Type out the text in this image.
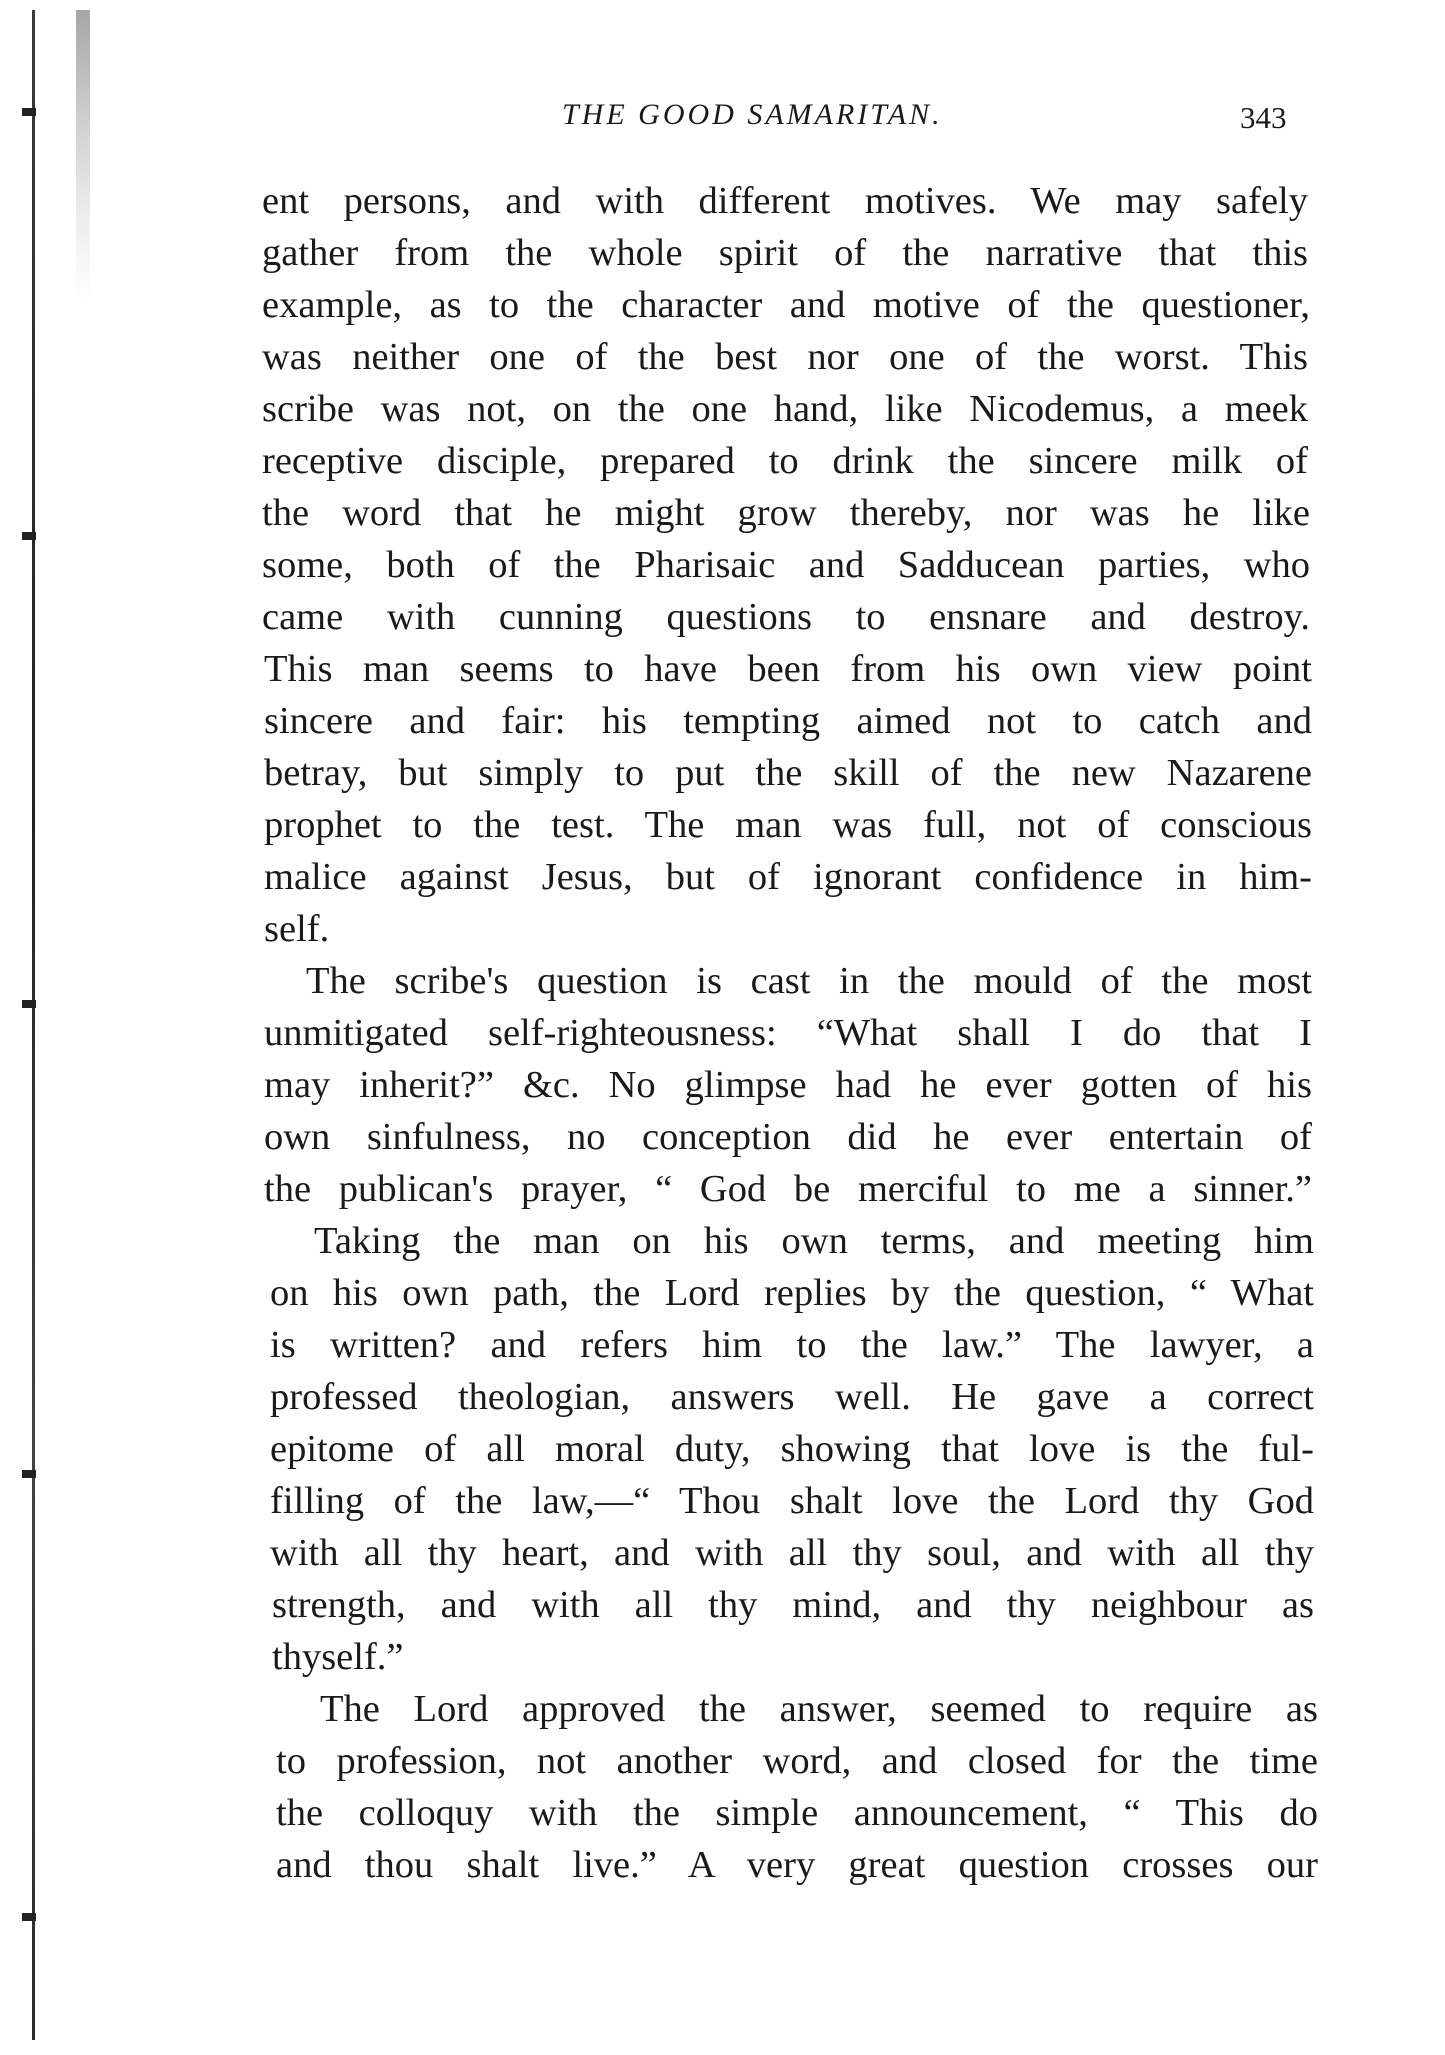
THE GOOD SAMARITAN.	343
ent persons, and with different motives. We may safely
gather from the whole spirit of the narrative that this
example, as to the character and motive of the questioner,
was neither one of the best nor one of the worst. This
scribe was not, on the one hand, like Nicodemus, a meek
receptive disciple, prepared to drink the sincere milk of
the word that he might grow thereby, nor was he like
some, both of the Pharisaic and Sadducean parties, who
came with cunning questions to ensnare and destroy.
This man seems to have been from his own view point
sincere and fair: his tempting aimed not to catch and
betray, but simply to put the skill of the new Nazarene
prophet to the test. The man was full, not of conscious
malice against Jesus, but of ignorant confidence in him-
self.
The scribe's question is cast in the mould of the most
unmitigated self-righteousness: “What shall I do that I
may inherit?” &c. No glimpse had he ever gotten of his
own sinfulness, no conception did he ever entertain of
the publican's prayer, “ God be merciful to me a sinner.”
Taking the man on his own terms, and meeting him
on his own path, the Lord replies by the question, “ What
is written? and refers him to the law.” The lawyer, a
professed theologian, answers well. He gave a correct
epitome of all moral duty, showing that love is the ful-
filling of the law,—“ Thou shalt love the Lord thy God
with all thy heart, and with all thy soul, and with all thy
strength, and with all thy mind, and thy neighbour as
thyself.”
The Lord approved the answer, seemed to require as
to profession, not another word, and closed for the time
the colloquy with the simple announcement, “ This do
and thou shalt live.” A very great question crosses our
